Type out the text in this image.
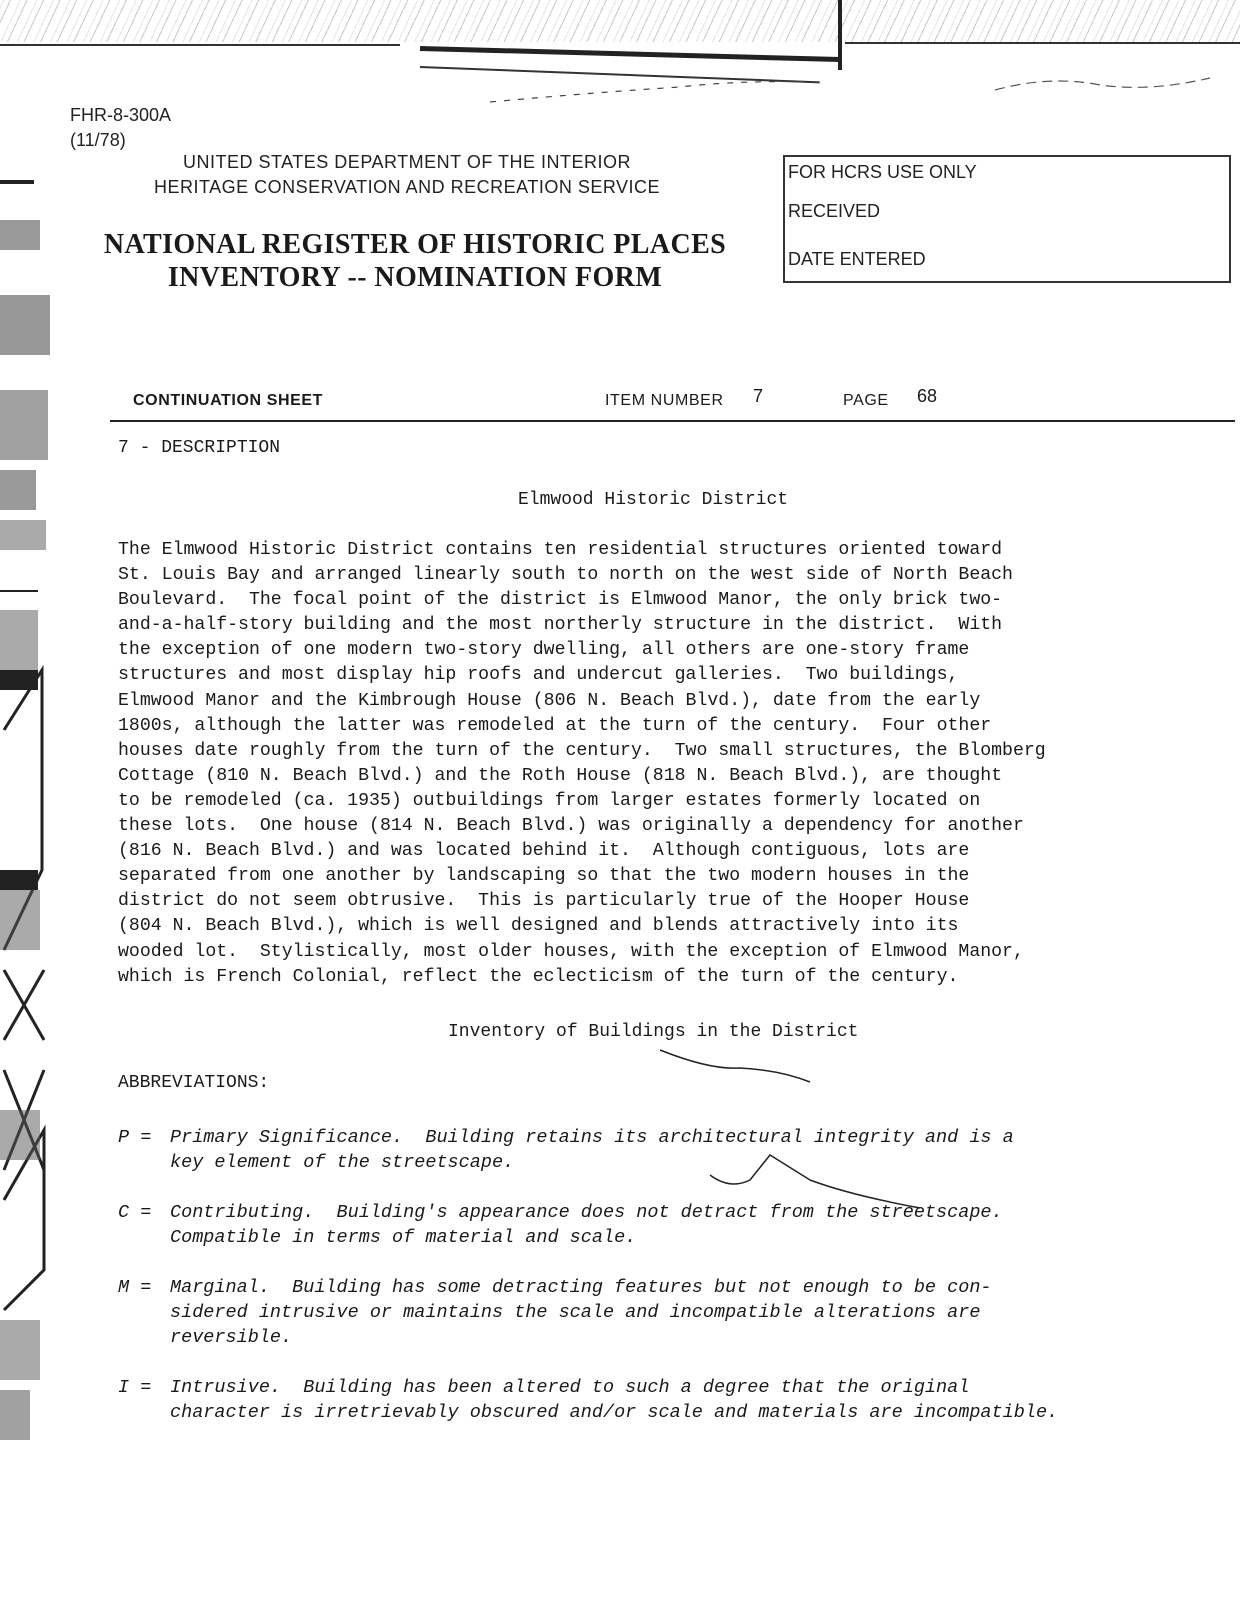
FHR-8-300A
(11/78)
UNITED STATES DEPARTMENT OF THE INTERIOR
HERITAGE CONSERVATION AND RECREATION SERVICE
NATIONAL REGISTER OF HISTORIC PLACES
INVENTORY -- NOMINATION FORM
FOR HCRS USE ONLY
RECEIVED
DATE ENTERED
CONTINUATION SHEET	ITEM NUMBER 7	PAGE 68
7 - DESCRIPTION
Elmwood Historic District
The Elmwood Historic District contains ten residential structures oriented toward
St. Louis Bay and arranged linearly south to north on the west side of North Beach
Boulevard.  The focal point of the district is Elmwood Manor, the only brick two-
and-a-half-story building and the most northerly structure in the district.  With
the exception of one modern two-story dwelling, all others are one-story frame
structures and most display hip roofs and undercut galleries.  Two buildings,
Elmwood Manor and the Kimbrough House (806 N. Beach Blvd.), date from the early
1800s, although the latter was remodeled at the turn of the century.  Four other
houses date roughly from the turn of the century.  Two small structures, the Blomberg
Cottage (810 N. Beach Blvd.) and the Roth House (818 N. Beach Blvd.), are thought
to be remodeled (ca. 1935) outbuildings from larger estates formerly located on
these lots.  One house (814 N. Beach Blvd.) was originally a dependency for another
(816 N. Beach Blvd.) and was located behind it.  Although contiguous, lots are
separated from one another by landscaping so that the two modern houses in the
district do not seem obtrusive.  This is particularly true of the Hooper House
(804 N. Beach Blvd.), which is well designed and blends attractively into its
wooded lot.  Stylistically, most older houses, with the exception of Elmwood Manor,
which is French Colonial, reflect the eclecticism of the turn of the century.
Inventory of Buildings in the District
ABBREVIATIONS:
P = Primary Significance.  Building retains its architectural integrity and is a
key element of the streetscape.
C = Contributing.  Building's appearance does not detract from the streetscape.
Compatible in terms of material and scale.
M = Marginal.  Building has some detracting features but not enough to be con-
sidered intrusive or maintains the scale and incompatible alterations are
reversible.
I = Intrusive.  Building has been altered to such a degree that the original
character is irretrievably obscured and/or scale and materials are incompatible.
